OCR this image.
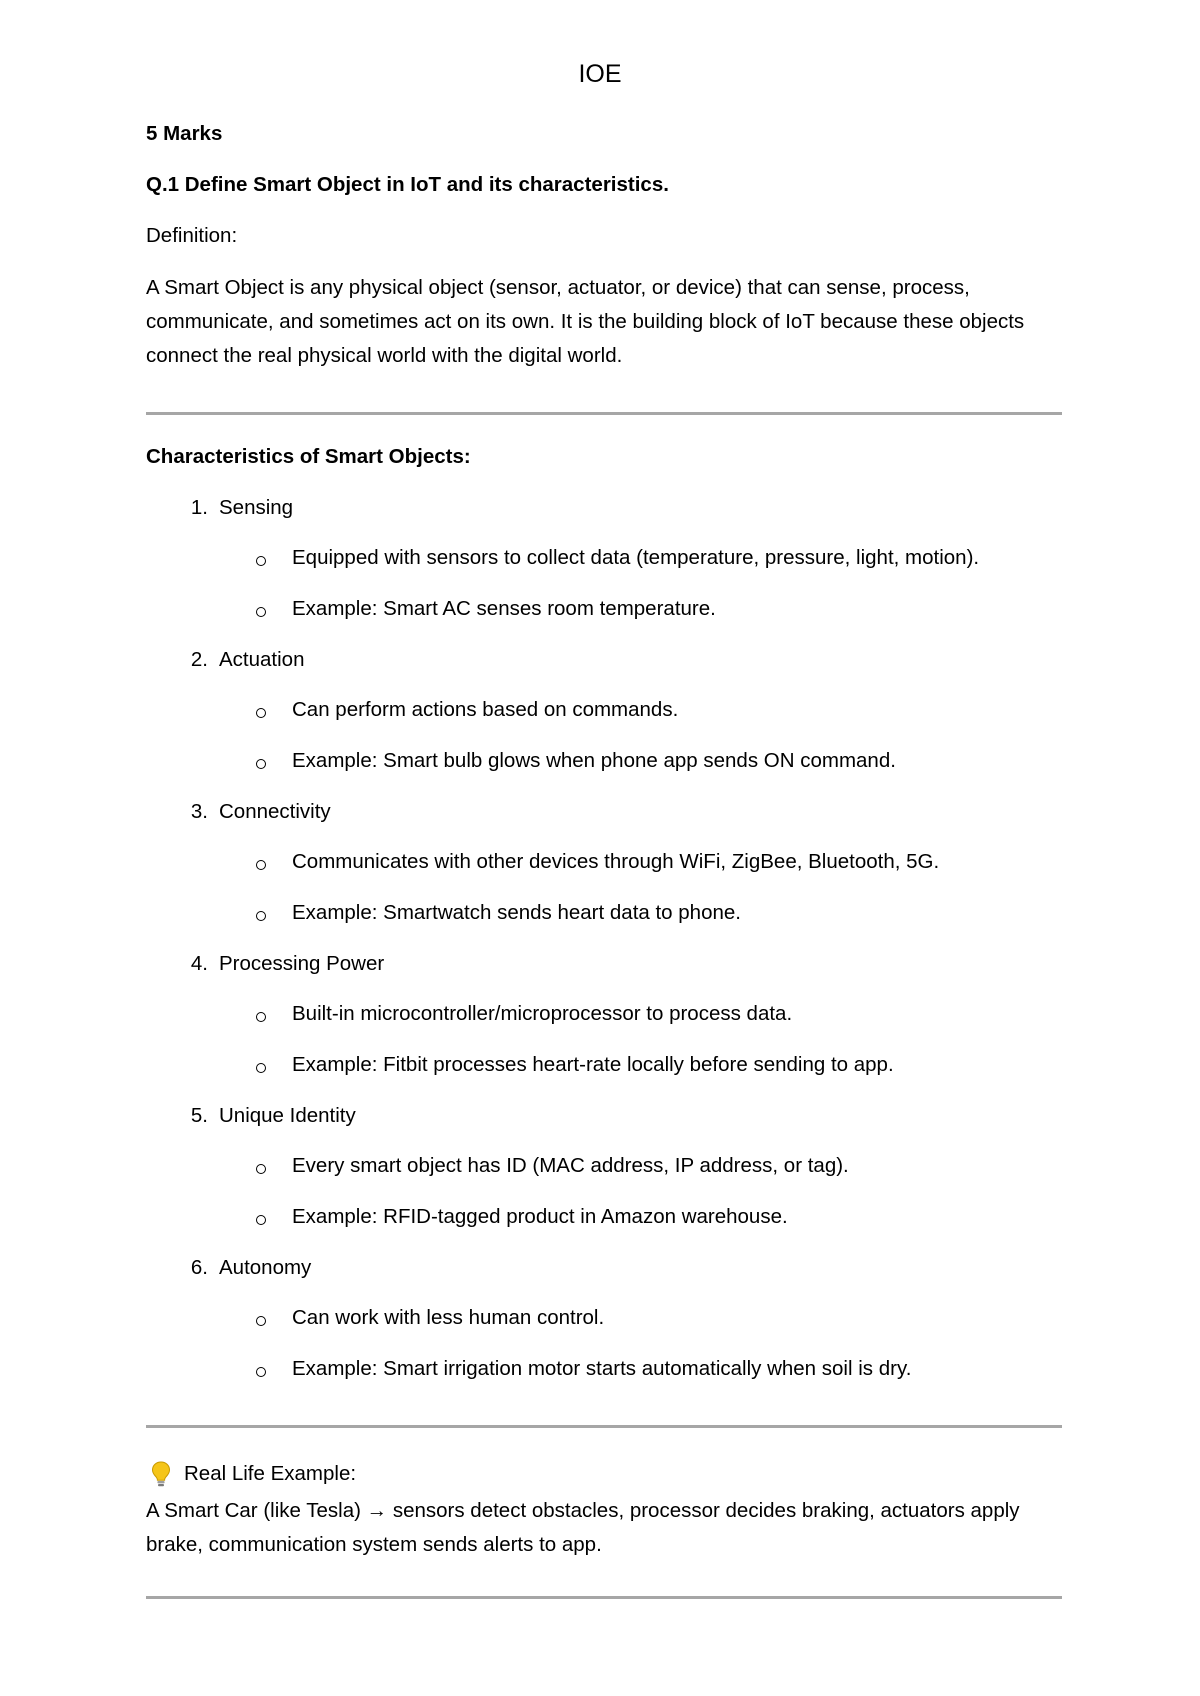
IOE
5 Marks
Q.1 Define Smart Object in IoT and its characteristics.
Definition:
A Smart Object is any physical object (sensor, actuator, or device) that can sense, process, communicate, and sometimes act on its own. It is the building block of IoT because these objects connect the real physical world with the digital world.
Characteristics of Smart Objects:
1. Sensing
Equipped with sensors to collect data (temperature, pressure, light, motion).
Example: Smart AC senses room temperature.
2. Actuation
Can perform actions based on commands.
Example: Smart bulb glows when phone app sends ON command.
3. Connectivity
Communicates with other devices through WiFi, ZigBee, Bluetooth, 5G.
Example: Smartwatch sends heart data to phone.
4. Processing Power
Built-in microcontroller/microprocessor to process data.
Example: Fitbit processes heart-rate locally before sending to app.
5. Unique Identity
Every smart object has ID (MAC address, IP address, or tag).
Example: RFID-tagged product in Amazon warehouse.
6. Autonomy
Can work with less human control.
Example: Smart irrigation motor starts automatically when soil is dry.
Real Life Example:
A Smart Car (like Tesla) → sensors detect obstacles, processor decides braking, actuators apply brake, communication system sends alerts to app.
